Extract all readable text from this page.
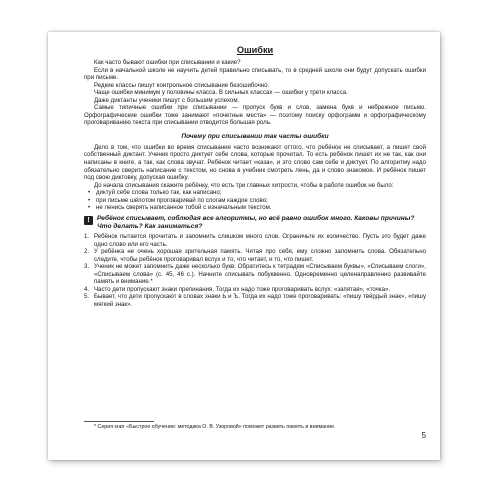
Ошибки

Как часто бывают ошибки при списывании и какие?

Если в начальной школе не научить детей правильно списывать, то в средней школе они будут допускать ошибки при письме.

Редкие классы пишут контрольное списывание безошибочно.

Чаще ошибки минимум у половины класса. В сильных классах — ошибки у трети класса.

Даже диктанты ученики пишут с большим успехом.

Самые типичные ошибки при списывании — пропуск букв и слов, замена букв и небрежное письмо. Орфографические ошибки тоже занимают «почетные места» — поэтому поиску орфограмм и орфографическому проговариванию текста при списывании отводится большая роль.

Почему при списывании так часты ошибки

Дело в том, что ошибки во время списывания часто возникают оттого, что ребёнок не списывает, а пишет свой собственный диктант. Ученик просто диктует себе слова, которые прочитал. То есть ребёнок пишет их не так, как они написаны в книге, а так, как слова звучат. Ребёнок читает «каза», и это слово сам себе и диктует. По алгоритму надо обязательно сверить написание с текстом, но снова в учебник смотреть лень, да и слово знакомое. И ребёнок пишет под свою диктовку, допуская ошибку.

До начала списывания скажите ребёнку, что есть три главных хитрости, чтобы в работе ошибок не было:

• диктуй себе слова только так, как написано;
• при письме шёпотом проговаривай по слогам каждое слово;
• не ленись сверять написанное тобой с изначальным текстом.
!	Ребёнок списывает, соблюдая все алгоритмы, но всё равно ошибок много. Каковы причины? Что делать? Как заниматься?

1. Ребёнок пытается прочитать и запомнить слишком много слов. Ограничьте их количество. Пусть это будет даже одно слово или его часть.
2. У ребёнка не очень хорошая зрительная память. Читая про себя, ему сложно запомнить слова. Обязательно следите, чтобы ребёнок проговаривал вслух и то, что читает, и то, что пишет.
3. Ученик не может запомнить даже несколько букв. Обратитесь к тетрадям «Списываем буквы», «Списываем слоги», «Списываем слова» (с. 45, 46 с.). Начните списывать побуквенно. Одновременно целенаправленно развивайте память и внимание.*
4. Часто дети пропускают знаки препинания. Тогда их надо тоже проговаривать вслух: «запятая», «точка».
5. Бывает, что дети пропускают в словах знаки Ь и Ъ. Тогда их надо тоже проговаривать: «пишу твёрдый знак», «пишу мягкий знак».
* Серия книг «Быстрое обучение: методика О. В. Узоровой» поможет развить память и внимание.
5
